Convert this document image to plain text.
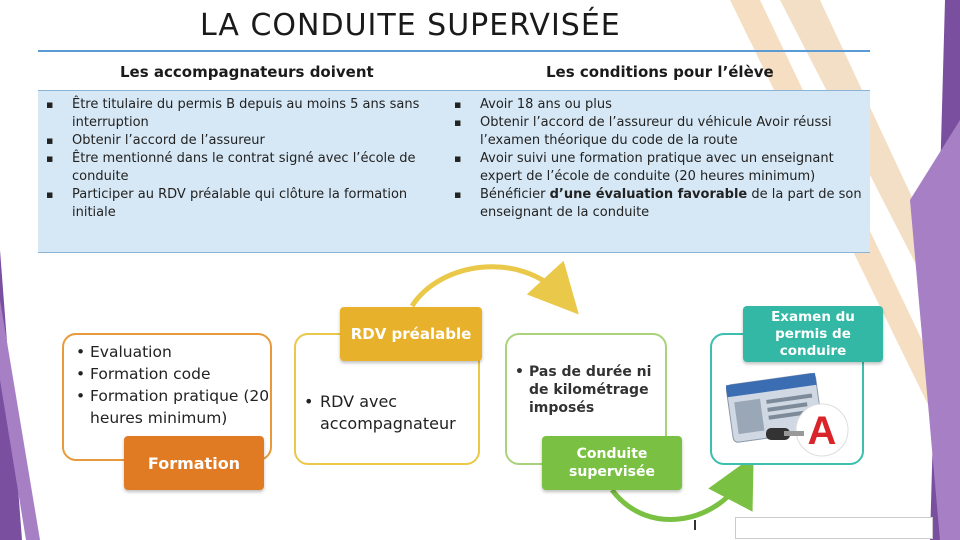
LA CONDUITE SUPERVISÉE
Les accompagnateurs doivent	Les conditions pour l’élève
▪ Être titulaire du permis B depuis au moins 5 ans sans interruption
▪ Obtenir l’accord de l’assureur
▪ Être mentionné dans le contrat signé avec l’école de conduite
▪ Participer au RDV préalable qui clôture la formation initiale
▪ Avoir 18 ans ou plus
▪ Obtenir l’accord de l’assureur du véhicule Avoir réussi l’examen théorique du code de la route
▪ Avoir suivi une formation pratique avec un enseignant expert de l’école de conduite (20 heures minimum)
▪ Bénéficier d’une évaluation favorable de la part de son enseignant de la conduite
• Evaluation
• Formation code
• Formation pratique (20 heures minimum)
Formation
• RDV avec accompagnateur
RDV préalable
• Pas de durée ni de kilométrage imposés
Conduite supervisée
A
Examen du permis de conduire
